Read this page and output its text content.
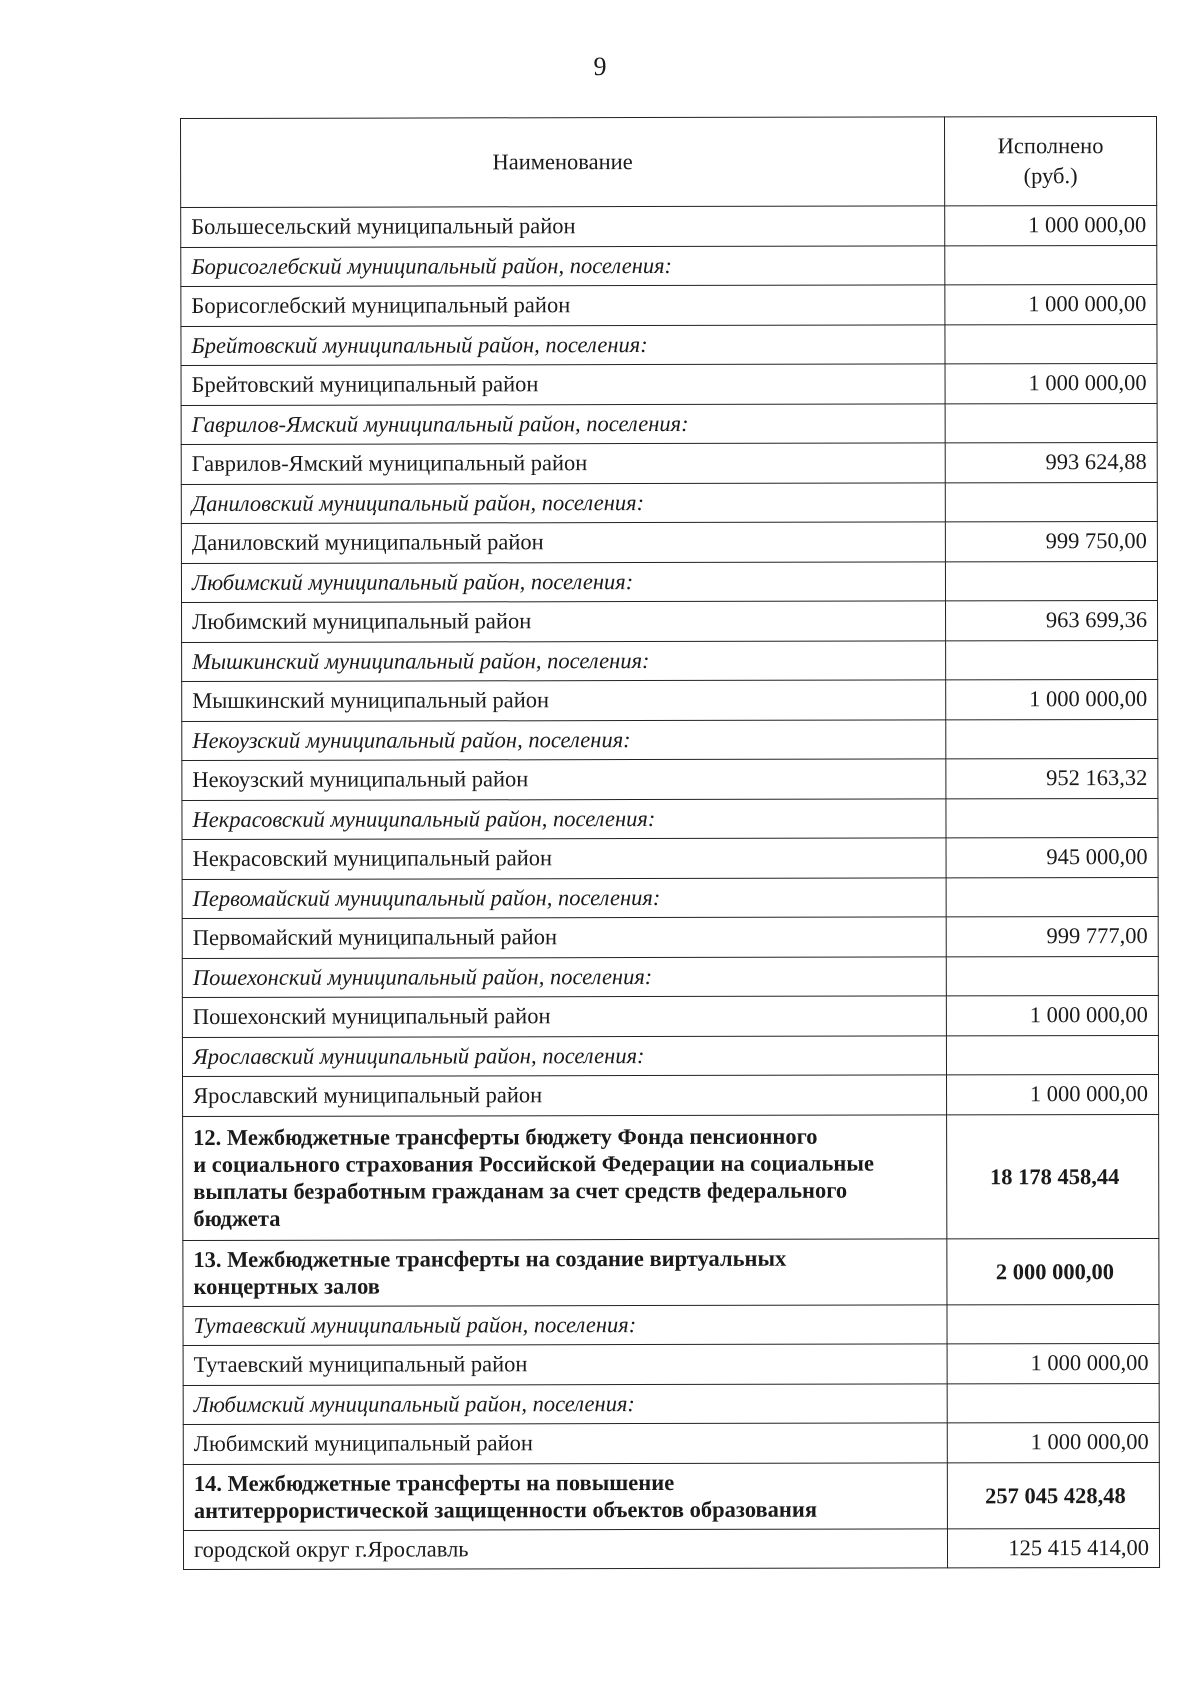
9
Наименование	Исполнено
(руб.)

Большесельский муниципальный район	1 000 000,00
Борисоглебский муниципальный район, поселения:	
Борисоглебский муниципальный район	1 000 000,00
Брейтовский муниципальный район, поселения:	
Брейтовский муниципальный район	1 000 000,00
Гаврилов-Ямский муниципальный район, поселения:	
Гаврилов-Ямский муниципальный район	993 624,88
Даниловский муниципальный район, поселения:	
Даниловский муниципальный район	999 750,00
Любимский муниципальный район, поселения:	
Любимский муниципальный район	963 699,36
Мышкинский муниципальный район, поселения:	
Мышкинский муниципальный район	1 000 000,00
Некоузский муниципальный район, поселения:	
Некоузский муниципальный район	952 163,32
Некрасовский муниципальный район, поселения:	
Некрасовский муниципальный район	945 000,00
Первомайский муниципальный район, поселения:	
Первомайский муниципальный район	999 777,00
Пошехонский муниципальный район, поселения:	
Пошехонский муниципальный район	1 000 000,00
Ярославский муниципальный район, поселения:	
Ярославский муниципальный район	1 000 000,00

12. Межбюджетные трансферты бюджету Фонда пенсионного
и социального страхования Российской Федерации на социальные
выплаты безработным гражданам за счет средств федерального
бюджета	18 178 458,44

13. Межбюджетные трансферты на создание виртуальных
концертных залов	2 000 000,00
Тутаевский муниципальный район, поселения:	
Тутаевский муниципальный район	1 000 000,00
Любимский муниципальный район, поселения:	
Любимский муниципальный район	1 000 000,00

14. Межбюджетные трансферты на повышение
антитеррористической защищенности объектов образования	257 045 428,48
городской округ г.Ярославль	125 415 414,00
